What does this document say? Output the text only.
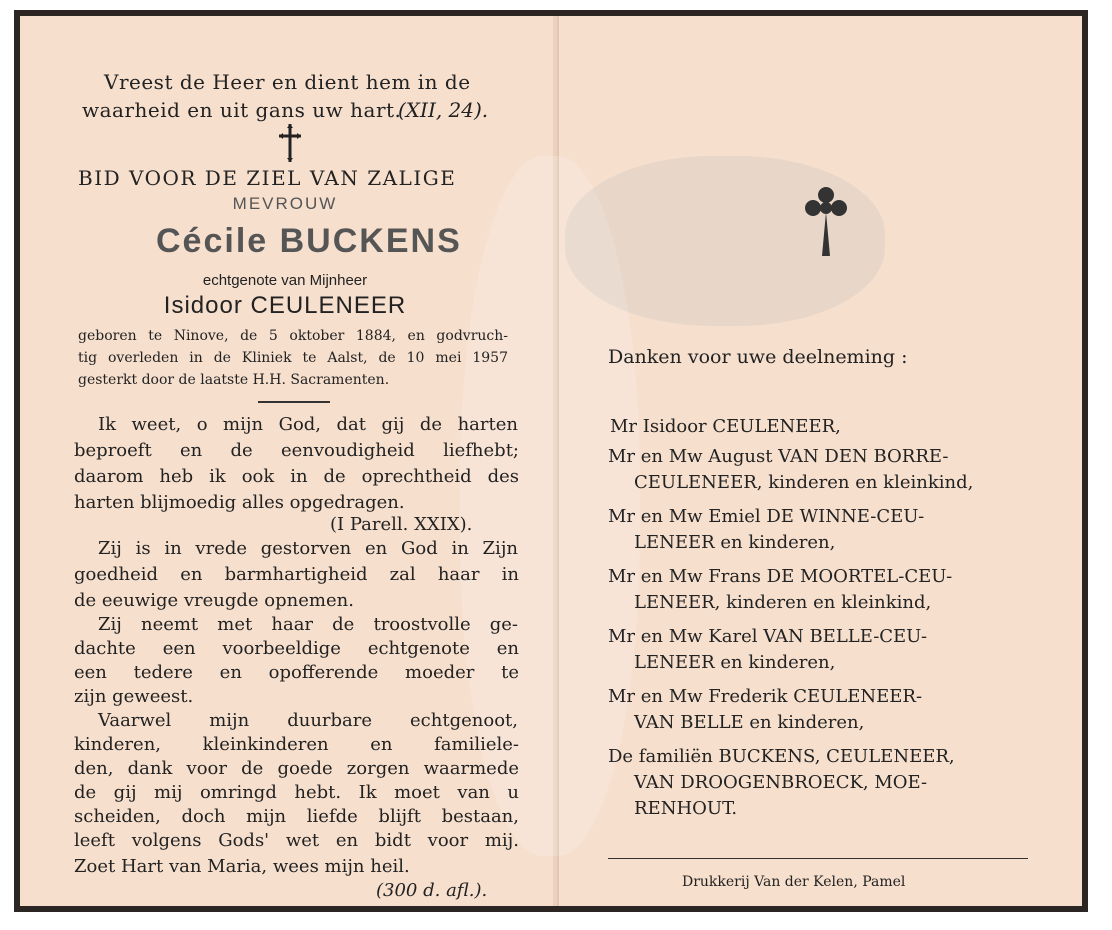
Vreest de Heer en dient hem in de
waarheid en uit gans uw hart.
(XII, 24).
BID VOOR DE ZIEL VAN ZALIGE
MEVROUW
Cécile BUCKENS
echtgenote van Mijnheer
Isidoor CEULENEER
geboren te Ninove, de 5 oktober 1884, en godvruch-
tig overleden in de Kliniek te Aalst, de 10 mei 1957
gesterkt door de laatste H.H. Sacramenten.
Ik weet, o mijn God, dat gij de harten
beproeft en de eenvoudigheid liefhebt;
daarom heb ik ook in de oprechtheid des
harten blijmoedig alles opgedragen.
(I Parell. XXIX).
Zij is in vrede gestorven en God in Zijn
goedheid en barmhartigheid zal haar in
de eeuwige vreugde opnemen.
Zij neemt met haar de troostvolle ge-
dachte een voorbeeldige echtgenote en
een tedere en opofferende moeder te
zijn geweest.
Vaarwel mijn duurbare echtgenoot,
kinderen, kleinkinderen en familiele-
den, dank voor de goede zorgen waarmede
de gij mij omringd hebt. Ik moet van u
scheiden, doch mijn liefde blijft bestaan,
leeft volgens Gods' wet en bidt voor mij.
Zoet Hart van Maria, wees mijn heil.
(300 d. afl.).
Danken voor uwe deelneming :
Mr Isidoor CEULENEER,
Mr en Mw August VAN DEN BORRE-
CEULENEER, kinderen en kleinkind,
Mr en Mw Emiel DE WINNE-CEU-
LENEER en kinderen,
Mr en Mw Frans DE MOORTEL-CEU-
LENEER, kinderen en kleinkind,
Mr en Mw Karel VAN BELLE-CEU-
LENEER en kinderen,
Mr en Mw Frederik CEULENEER-
VAN BELLE en kinderen,
De familiën BUCKENS, CEULENEER,
VAN DROOGENBROECK, MOE-
RENHOUT.
Drukkerij Van der Kelen, Pamel
